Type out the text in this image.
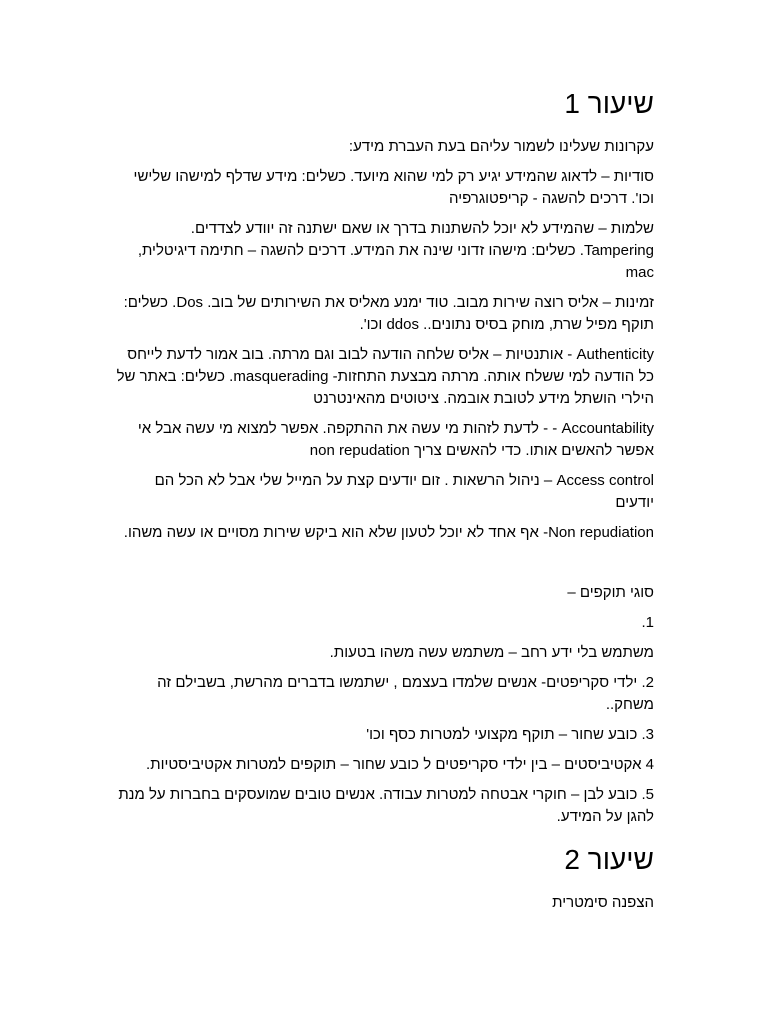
שיעור 1

עקרונות שעלינו לשמור עליהם בעת העברת מידע:

סודיות – לדאוג שהמידע יגיע רק למי שהוא מיועד. כשלים: מידע שדלף למישהו שלישי וכו'. דרכים להשגה - קריפטוגרפיה

שלמות – שהמידע לא יוכל להשתנות בדרך או שאם ישתנה זה יוודע לצדדים. Tampering. כשלים: מישהו זדוני שינה את המידע. דרכים להשגה – חתימה דיגיטלית, mac

זמינות – אליס רוצה שירות מבוב. טוד ימנע מאליס את השירותים של בוב. Dos. כשלים: תוקף מפיל שרת, מוחק בסיס נתונים.. ddos וכו'.

Authenticity - אותנטיות – אליס שלחה הודעה לבוב וגם מרתה. בוב אמור לדעת לייחס כל הודעה למי ששלח אותה. מרתה מבצעת התחזות- masquerading. כשלים: באתר של הילרי הושתל מידע לטובת אובמה. ציטוטים מהאינטרנט

Accountability - - לדעת לזהות מי עשה את ההתקפה. אפשר למצוא מי עשה אבל אי אפשר להאשים אותו. כדי להאשים צריך non repudation

Access control – ניהול הרשאות . זום יודעים קצת על המייל שלי אבל לא הכל הם יודעים

Non repudiation- אף אחד לא יוכל לטעון שלא הוא ביקש שירות מסויים או עשה משהו.

סוגי תוקפים –

1.

משתמש בלי ידע רחב – משתמש עשה משהו בטעות.

2. ילדי סקריפטים- אנשים שלמדו בעצמם , ישתמשו בדברים מהרשת, בשבילם זה משחק..

3. כובע שחור – תוקף מקצועי למטרות כסף וכו'

4 אקטיביסטים – בין ילדי סקריפטים ל כובע שחור – תוקפים למטרות אקטיביסטיות.

5. כובע לבן – חוקרי אבטחה למטרות עבודה. אנשים טובים שמועסקים בחברות על מנת להגן על המידע.

שיעור 2

הצפנה סימטרית
